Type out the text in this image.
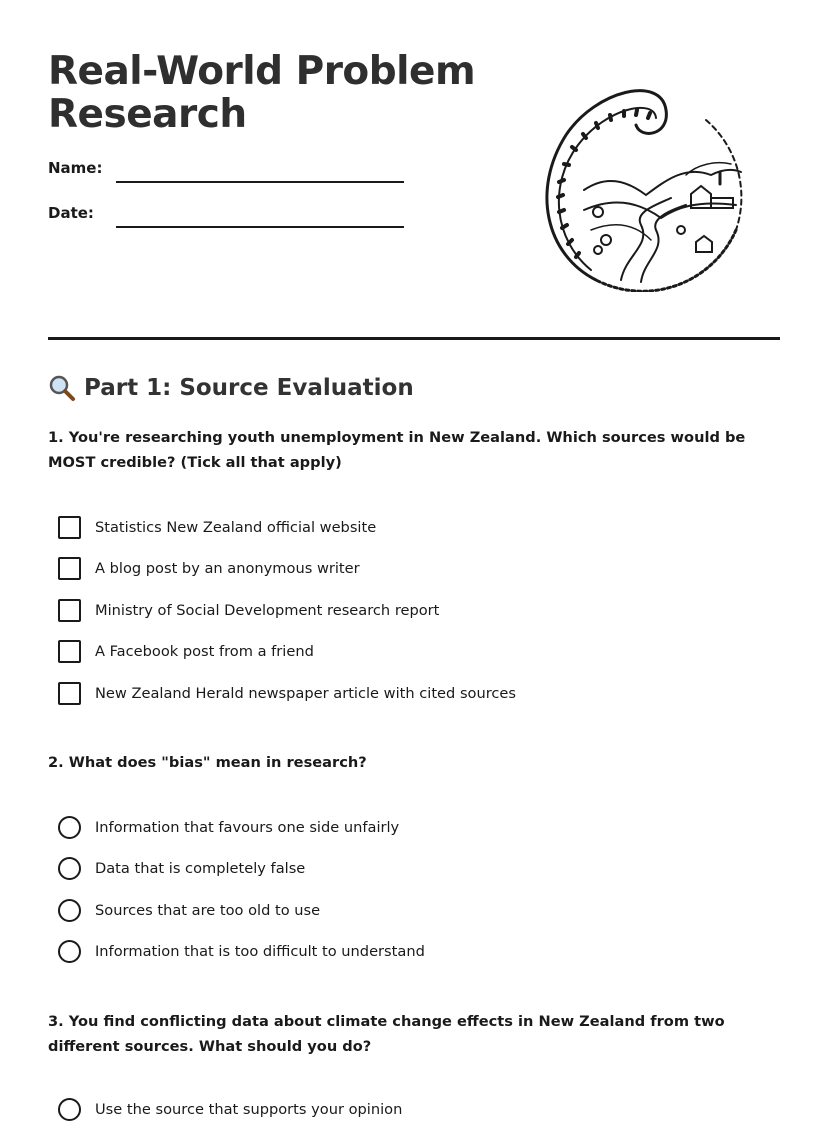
Real-World Problem
Research
Name:
Date:
Part 1: Source Evaluation

1. You're researching youth unemployment in New Zealand. Which sources would be MOST credible? (Tick all that apply)

Statistics New Zealand official website
A blog post by an anonymous writer
Ministry of Social Development research report
A Facebook post from a friend
New Zealand Herald newspaper article with cited sources

2. What does "bias" mean in research?

Information that favours one side unfairly
Data that is completely false
Sources that are too old to use
Information that is too difficult to understand

3. You find conflicting data about climate change effects in New Zealand from two different sources. What should you do?

Use the source that supports your opinion
